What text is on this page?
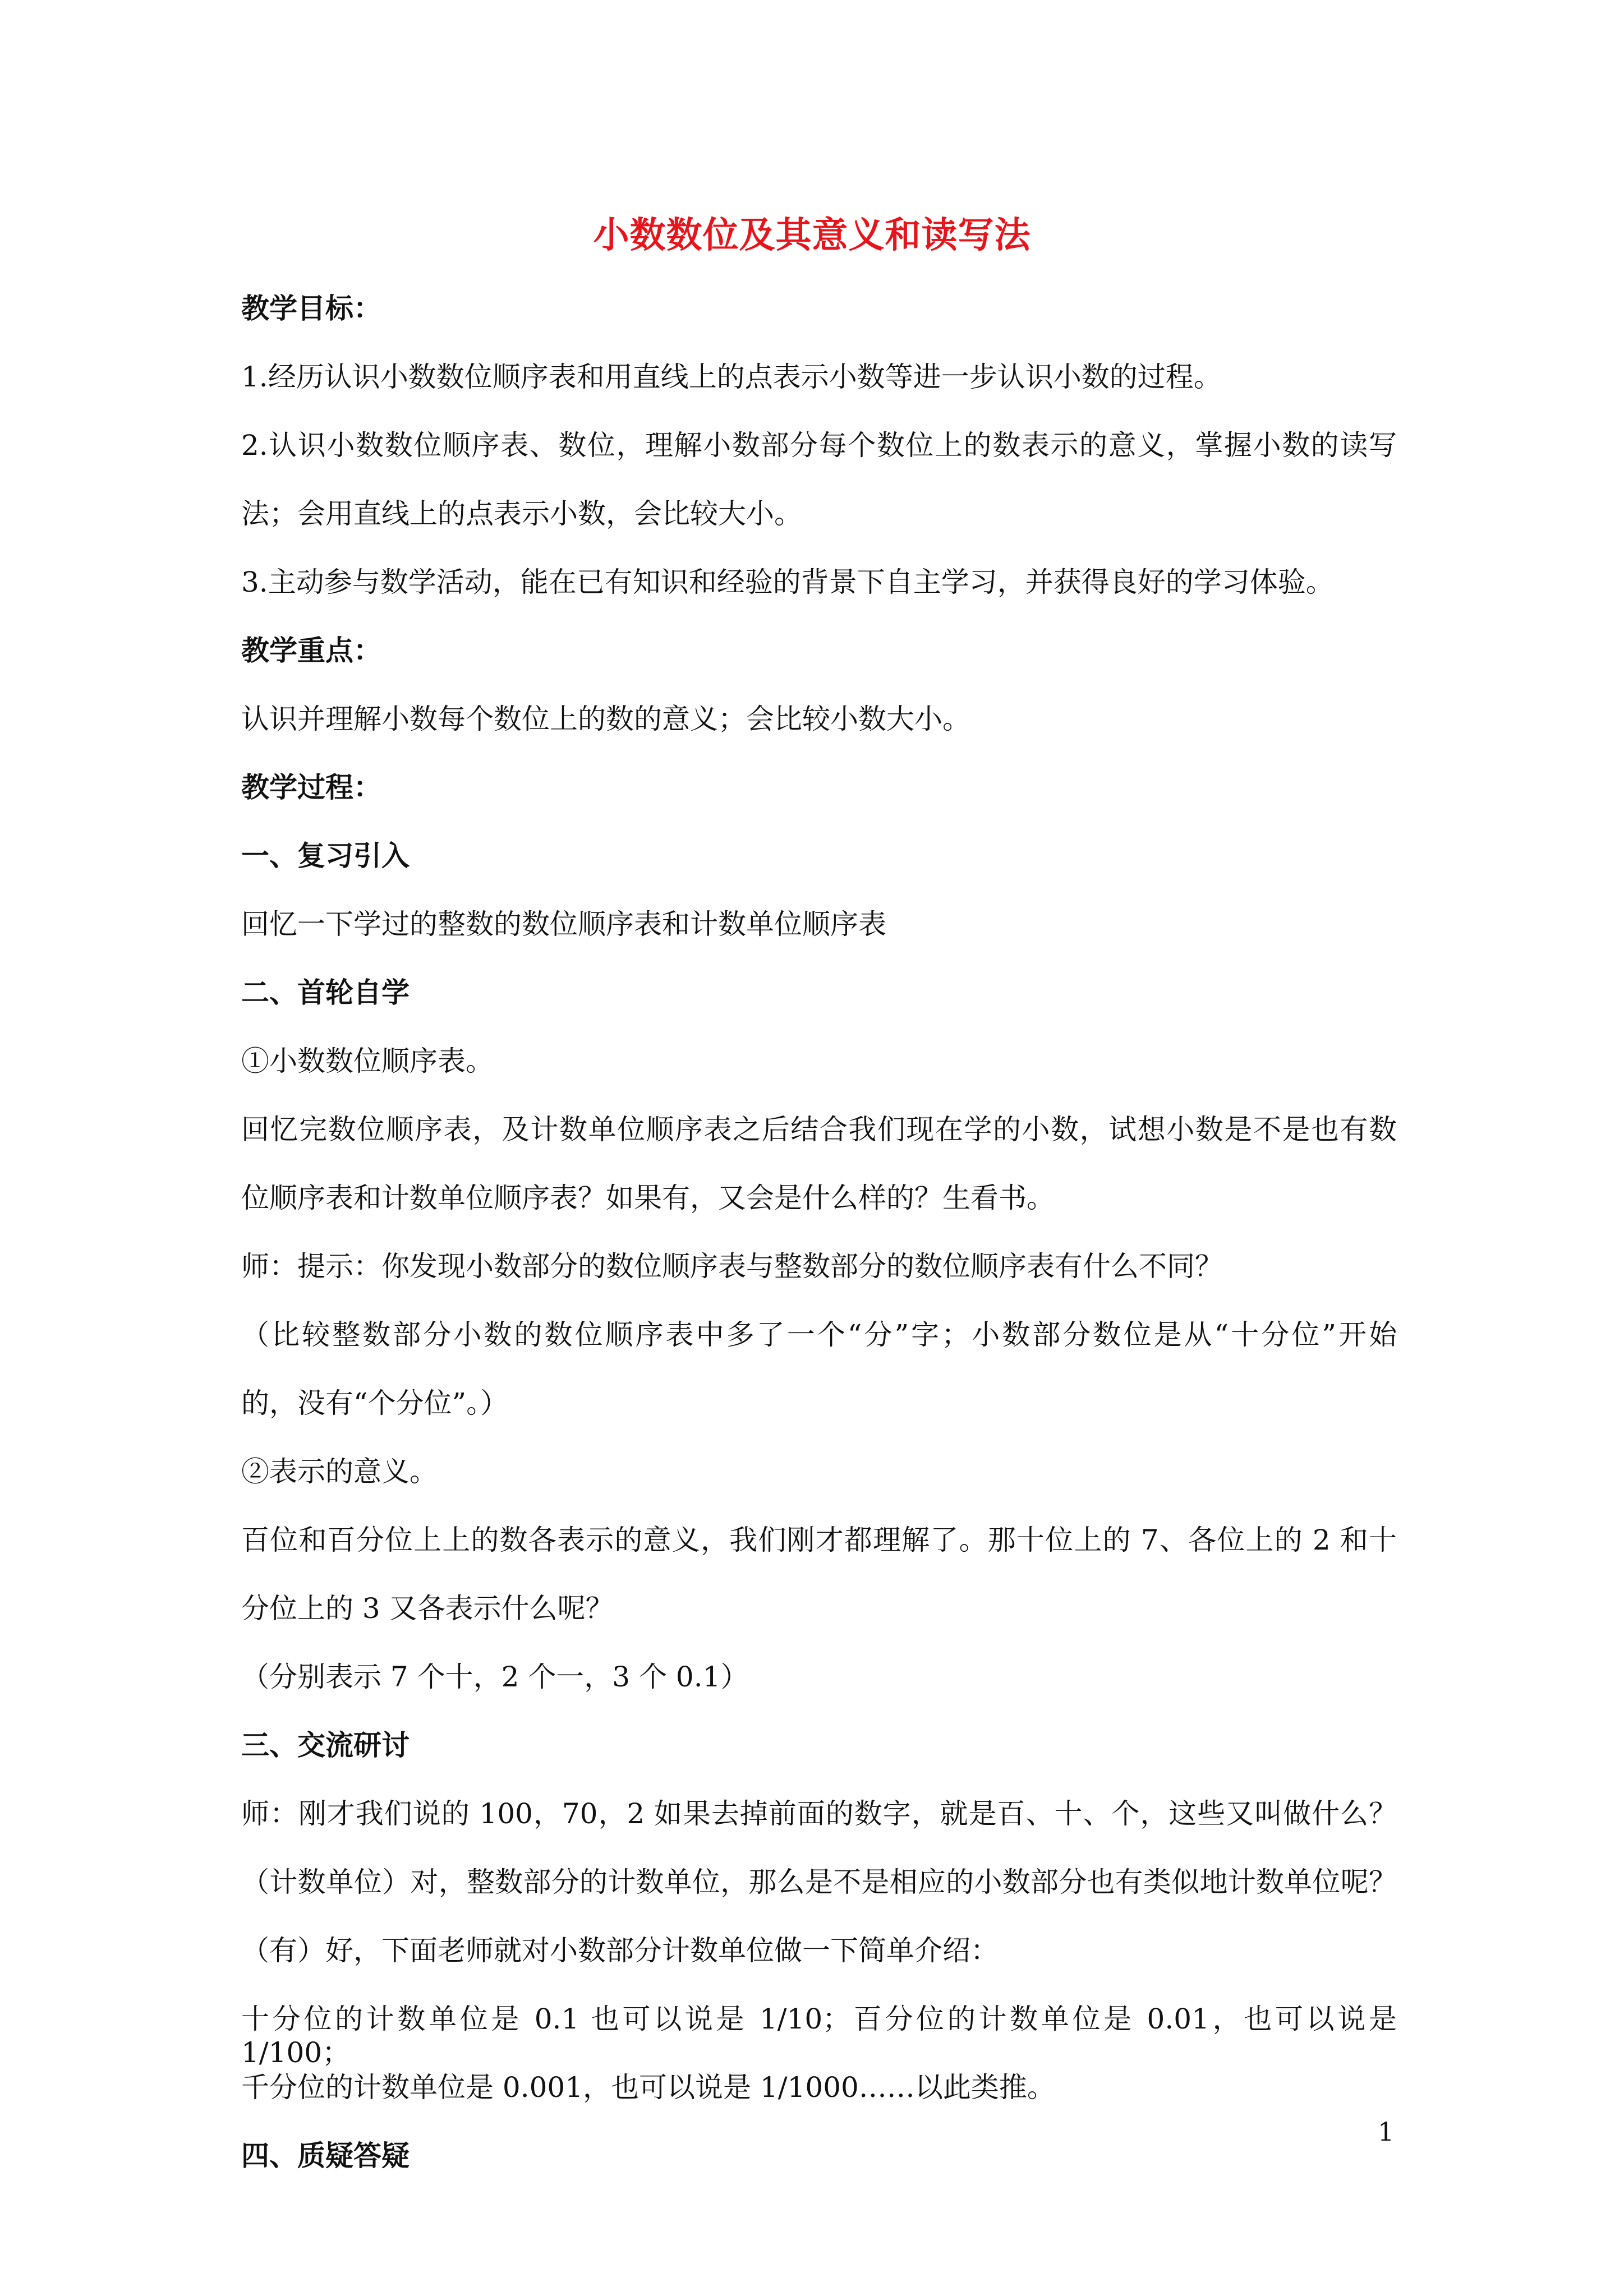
小数数位及其意义和读写法

教学目标：

1.经历认识小数数位顺序表和用直线上的点表示小数等进一步认识小数的过程。

2.认识小数数位顺序表、数位，理解小数部分每个数位上的数表示的意义，掌握小数的读写

法；会用直线上的点表示小数，会比较大小。

3.主动参与数学活动，能在已有知识和经验的背景下自主学习，并获得良好的学习体验。

教学重点：

认识并理解小数每个数位上的数的意义；会比较小数大小。

教学过程：

一、复习引入

回忆一下学过的整数的数位顺序表和计数单位顺序表

二、首轮自学

①小数数位顺序表。

回忆完数位顺序表，及计数单位顺序表之后结合我们现在学的小数，试想小数是不是也有数

位顺序表和计数单位顺序表？如果有，又会是什么样的？生看书。

师：提示：你发现小数部分的数位顺序表与整数部分的数位顺序表有什么不同？

（比较整数部分小数的数位顺序表中多了一个“分”字；小数部分数位是从“十分位”开始

的，没有“个分位”。）

②表示的意义。

百位和百分位上上的数各表示的意义，我们刚才都理解了。那十位上的 7、各位上的 2 和十

分位上的 3 又各表示什么呢？

（分别表示 7 个十，2 个一，3 个 0.1）

三、交流研讨

师：刚才我们说的 100，70，2 如果去掉前面的数字，就是百、十、个，这些又叫做什么？

（计数单位）对，整数部分的计数单位，那么是不是相应的小数部分也有类似地计数单位呢？

（有）好，下面老师就对小数部分计数单位做一下简单介绍：

十分位的计数单位是 0.1 也可以说是 1/10；百分位的计数单位是 0.01，也可以说是 1/100；

千分位的计数单位是 0.001，也可以说是 1/1000……以此类推。

四、质疑答疑

1
